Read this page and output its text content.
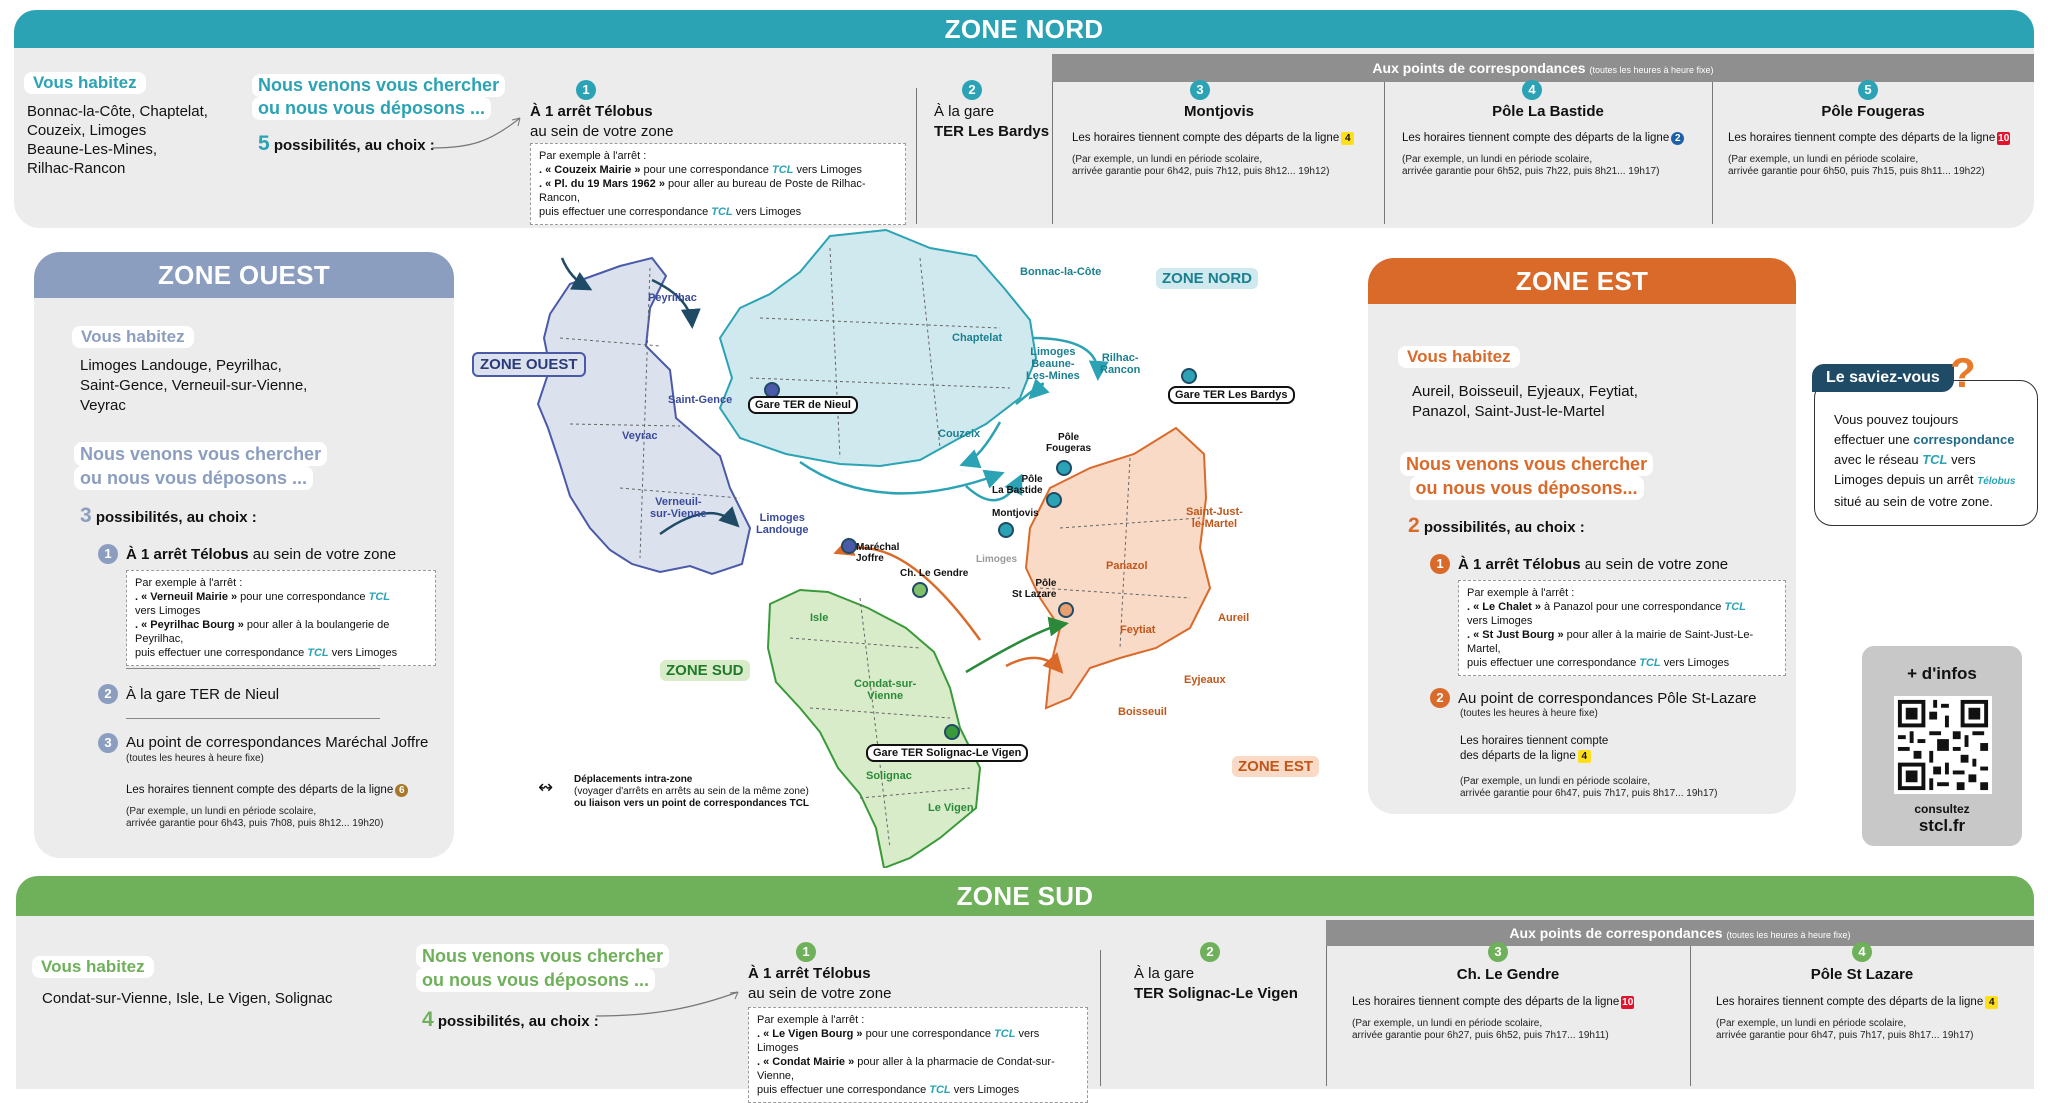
ZONE NORD
Vous habitez
Bonnac-la-Côte, Chaptelat,
Couzeix, Limoges
Beaune-Les-Mines,
Rilhac-Rancon
Nous venons vous chercher
ou nous vous déposons ...
5 possibilités, au choix :
1
À 1 arrêt Télobus
au sein de votre zone
Par exemple à l'arrêt :
. « Couzeix Mairie » pour une correspondance TCL vers Limoges
. « Pl. du 19 Mars 1962 » pour aller au bureau de Poste de Rilhac-Rancon,
puis effectuer une correspondance TCL vers Limoges
2
À la gare
TER Les Bardys
Aux points de correspondances (toutes les heures à heure fixe)
3
Montjovis
Les horaires tiennent compte des départs de la ligne 4
(Par exemple, un lundi en période scolaire,
arrivée garantie pour 6h42, puis 7h12, puis 8h12... 19h12)
4
Pôle La Bastide
Les horaires tiennent compte des départs de la ligne 2
(Par exemple, un lundi en période scolaire,
arrivée garantie pour 6h52, puis 7h22, puis 8h21... 19h17)
5
Pôle Fougeras
Les horaires tiennent compte des départs de la ligne 10
(Par exemple, un lundi en période scolaire,
arrivée garantie pour 6h50, puis 7h15, puis 8h11... 19h22)
ZONE OUEST
Vous habitez
Limoges Landouge, Peyrilhac,
Saint-Gence, Verneuil-sur-Vienne,
Veyrac
Nous venons vous chercher
ou nous vous déposons ...
3 possibilités, au choix :
1 À 1 arrêt Télobus au sein de votre zone
Par exemple à l'arrêt :
. « Verneuil Mairie » pour une correspondance TCL
vers Limoges
. « Peyrilhac Bourg » pour aller à la boulangerie de Peyrilhac,
puis effectuer une correspondance TCL vers Limoges
2 À la gare TER de Nieul
3 Au point de correspondances Maréchal Joffre
(toutes les heures à heure fixe)
Les horaires tiennent compte des départs de la ligne 6
(Par exemple, un lundi en période scolaire,
arrivée garantie pour 6h43, puis 7h08, puis 8h12... 19h20)
ZONE EST
Vous habitez
Aureil, Boisseuil, Eyjeaux, Feytiat,
Panazol, Saint-Just-le-Martel
Nous venons vous chercher
ou nous vous déposons...
2 possibilités, au choix :
1 À 1 arrêt Télobus au sein de votre zone
Par exemple à l'arrêt :
. « Le Chalet » à Panazol pour une correspondance TCL
vers Limoges
. « St Just Bourg » pour aller à la mairie de Saint-Just-Le-Martel,
puis effectuer une correspondance TCL vers Limoges
2 Au point de correspondances Pôle St-Lazare
(toutes les heures à heure fixe)
Les horaires tiennent compte
des départs de la ligne 4
(Par exemple, un lundi en période scolaire,
arrivée garantie pour 6h47, puis 7h17, puis 8h17... 19h17)
Le saviez-vous ?
Vous pouvez toujours
effectuer une correspondance
avec le réseau TCL vers
Limoges depuis un arrêt Télobus
situé au sein de votre zone.
+ d'infos
consultez
stcl.fr
ZONE OUEST
ZONE NORD
ZONE SUD
ZONE EST
Peyrilhac
Saint-Gence
Veyrac
Verneuil-
sur-Vienne	Limoges
Landouge
Bonnac-la-Côte
Chaptelat
Limoges
Beaune-
Les-Mines
Rilhac-
Rancon
Couzeix
Saint-Just-
le-Martel
Panazol
Aureil
Feytiat
Eyjeaux
Boisseuil
Isle
Condat-sur-
Vienne
Solignac
Le Vigen
Gare TER de Nieul
Gare TER Les Bardys
Gare TER Solignac-Le Vigen
Maréchal
Joffre
Pôle
Fougeras
Pôle
La Bastide
Montjovis
Limoges
Ch. Le Gendre
Pôle
St Lazare
↭ Déplacements intra-zone
(voyager d'arrêts en arrêts au sein de la même zone)
ou liaison vers un point de correspondances TCL
ZONE SUD
Vous habitez
Condat-sur-Vienne, Isle, Le Vigen, Solignac
Nous venons vous chercher
ou nous vous déposons ...
4 possibilités, au choix :
1
À 1 arrêt Télobus
au sein de votre zone
Par exemple à l'arrêt :
. « Le Vigen Bourg » pour une correspondance TCL vers Limoges
. « Condat Mairie » pour aller à la pharmacie de Condat-sur-Vienne,
puis effectuer une correspondance TCL vers Limoges
2
À la gare
TER Solignac-Le Vigen
Aux points de correspondances (toutes les heures à heure fixe)
3
Ch. Le Gendre
Les horaires tiennent compte des départs de la ligne 10
(Par exemple, un lundi en période scolaire,
arrivée garantie pour 6h27, puis 6h52, puis 7h17... 19h11)
4
Pôle St Lazare
Les horaires tiennent compte des départs de la ligne 4
(Par exemple, un lundi en période scolaire,
arrivée garantie pour 6h47, puis 7h17, puis 8h17... 19h17)
